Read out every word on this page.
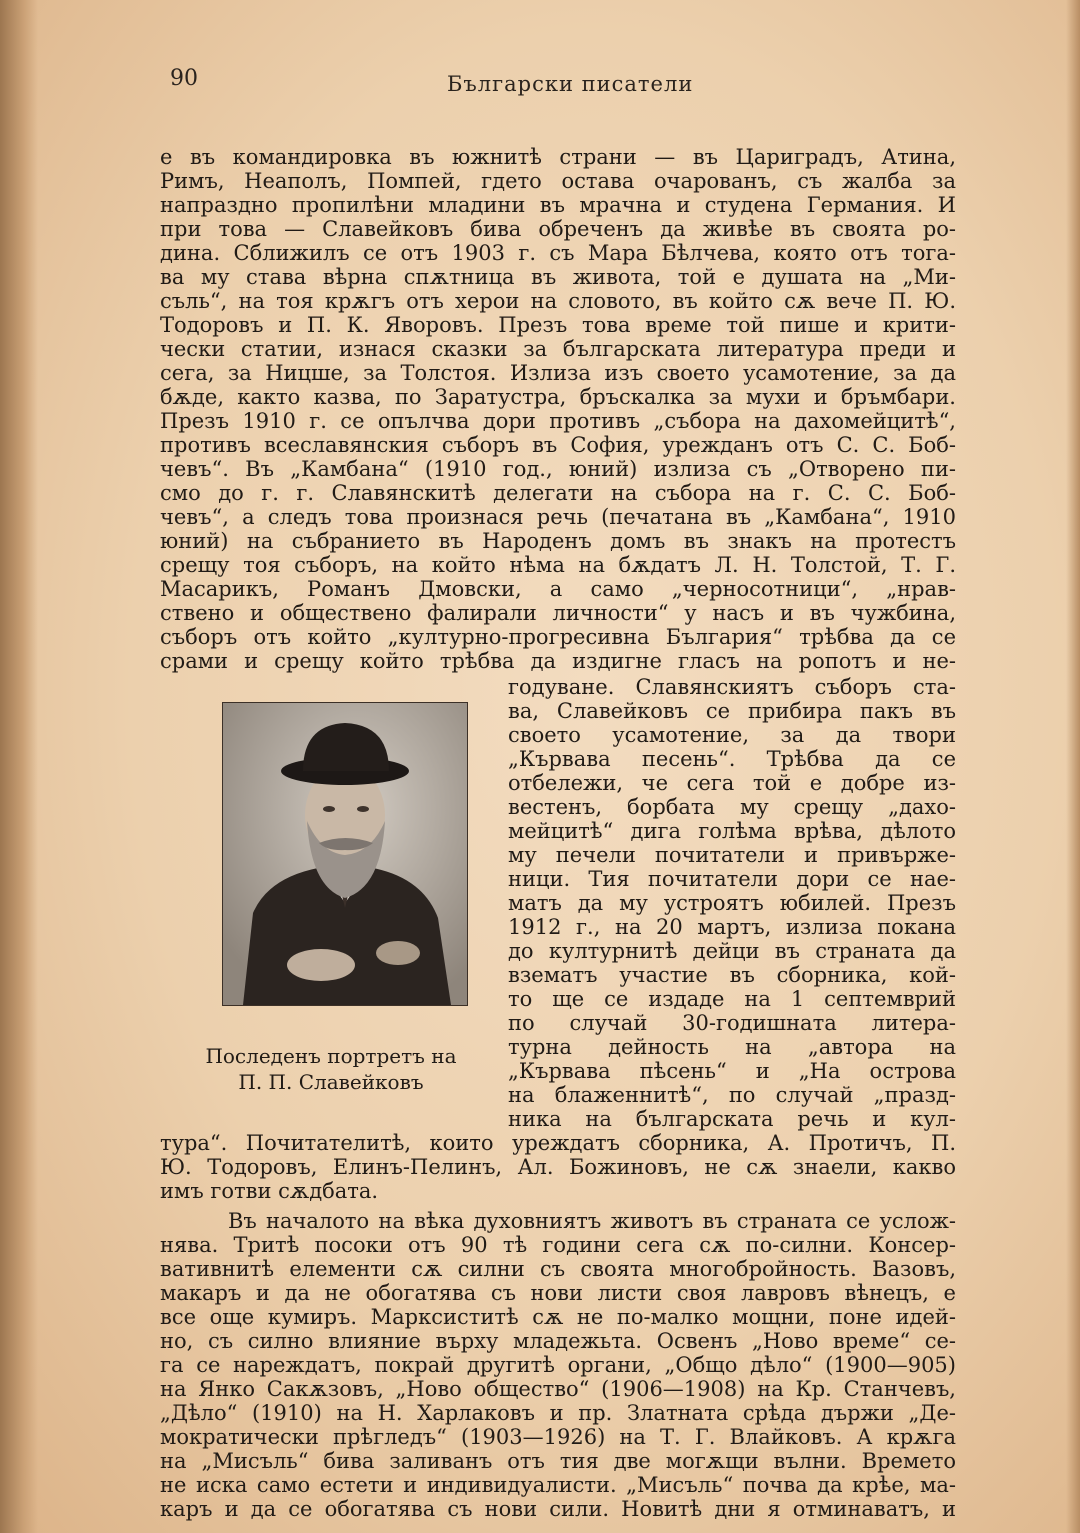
90	Български писатели
е въ командировка въ южнитѣ страни — въ Цариградъ, Атина,
Римъ, Неаполъ, Помпей, гдето остава очарованъ, съ жалба за
напраздно пропилѣни младини въ мрачна и студена Германия. И
при това — Славейковъ бива обреченъ да живѣе въ своята ро-
дина. Сближилъ се отъ 1903 г. съ Мара Бѣлчева, която отъ тога-
ва му става вѣрна спѫтница въ живота, той е душата на „Ми-
съль“, на тоя крѫгъ отъ херои на словото, въ който сѫ вече П. Ю.
Тодоровъ и П. К. Яворовъ. Презъ това време той пише и крити-
чески статии, изнася сказки за българската литература преди и
сега, за Ницше, за Толстоя. Излиза изъ своето усамотение, за да
бѫде, както казва, по Заратустра, бръскалка за мухи и бръмбари.
Презъ 1910 г. се опълчва дори противъ „събора на дахомейцитѣ“,
противъ всеславянския съборъ въ София, урежданъ отъ С. С. Боб-
чевъ“. Въ „Камбана“ (1910 год., юний) излиза съ „Отворено пи-
смо до г. г. Славянскитѣ делегати на събора на г. С. С. Боб-
чевъ“, а следъ това произнася речь (печатана въ „Камбана“, 1910
юний) на събранието въ Народенъ домъ въ знакъ на протестъ
срещу тоя съборъ, на който нѣма на бѫдатъ Л. Н. Толстой, Т. Г.
Масарикъ, Романъ Дмовски, а само „черносотници“, „нрав-
ствено и обществено фалирали личности“ у насъ и въ чужбина,
съборъ отъ който „културно-прогресивна България“ трѣбва да се
срами и срещу който трѣбва да издигне гласъ на ропотъ и не-
Последенъ портретъ на
П. П. Славейковъ
годуване. Славянскиятъ съборъ ста-
ва, Славейковъ се прибира пакъ въ
своето усамотение, за да твори
„Кървава песень“. Трѣбва да се
отбележи, че сега той е добре из-
вестенъ, борбата му срещу „дахо-
мейцитѣ“ дига голѣма врѣва, дѣлото
му печели почитатели и привърже-
ници. Тия почитатели дори се нае-
матъ да му устроятъ юбилей. Презъ
1912 г., на 20 мартъ, излиза покана
до културнитѣ дейци въ страната да
взематъ участие въ сборника, кой-
то ще се издаде на 1 септемврий
по случай 30-годишната литера-
турна дейность на „автора на
„Кървава пѣсень“ и „На острова
на блаженнитѣ“, по случай „празд-
ника на българската речь и кул-
тура“. Почитателитѣ, които уреждатъ сборника, А. Протичъ, П.
Ю. Тодоровъ, Елинъ-Пелинъ, Ал. Божиновъ, не сѫ знаели, какво
имъ готви сѫдбата.
Въ началото на вѣка духовниятъ животъ въ страната се услож-
нява. Тритѣ посоки отъ 90 тѣ години сега сѫ по-силни. Консер-
вативнитѣ елементи сѫ силни съ своята многобройность. Вазовъ,
макаръ и да не обогатява съ нови листи своя лавровъ вѣнецъ, е
все още кумиръ. Марксиститѣ сѫ не по-малко мощни, поне идей-
но, съ силно влияние върху младежьта. Освенъ „Ново време“ се-
га се нареждатъ, покрай другитѣ органи, „Общо дѣло“ (1900—905)
на Янко Сакѫзовъ, „Ново общество“ (1906—1908) на Кр. Станчевъ,
„Дѣло“ (1910) на Н. Харлаковъ и пр. Златната срѣда държи „Де-
мократически прѣгледъ“ (1903—1926) на Т. Г. Влайковъ. А крѫга
на „Мисъль“ бива заливанъ отъ тия две могѫщи вълни. Времето
не иска само естети и индивидуалисти. „Мисъль“ почва да крѣе, ма-
каръ и да се обогатява съ нови сили. Новитѣ дни я отминаватъ, и
